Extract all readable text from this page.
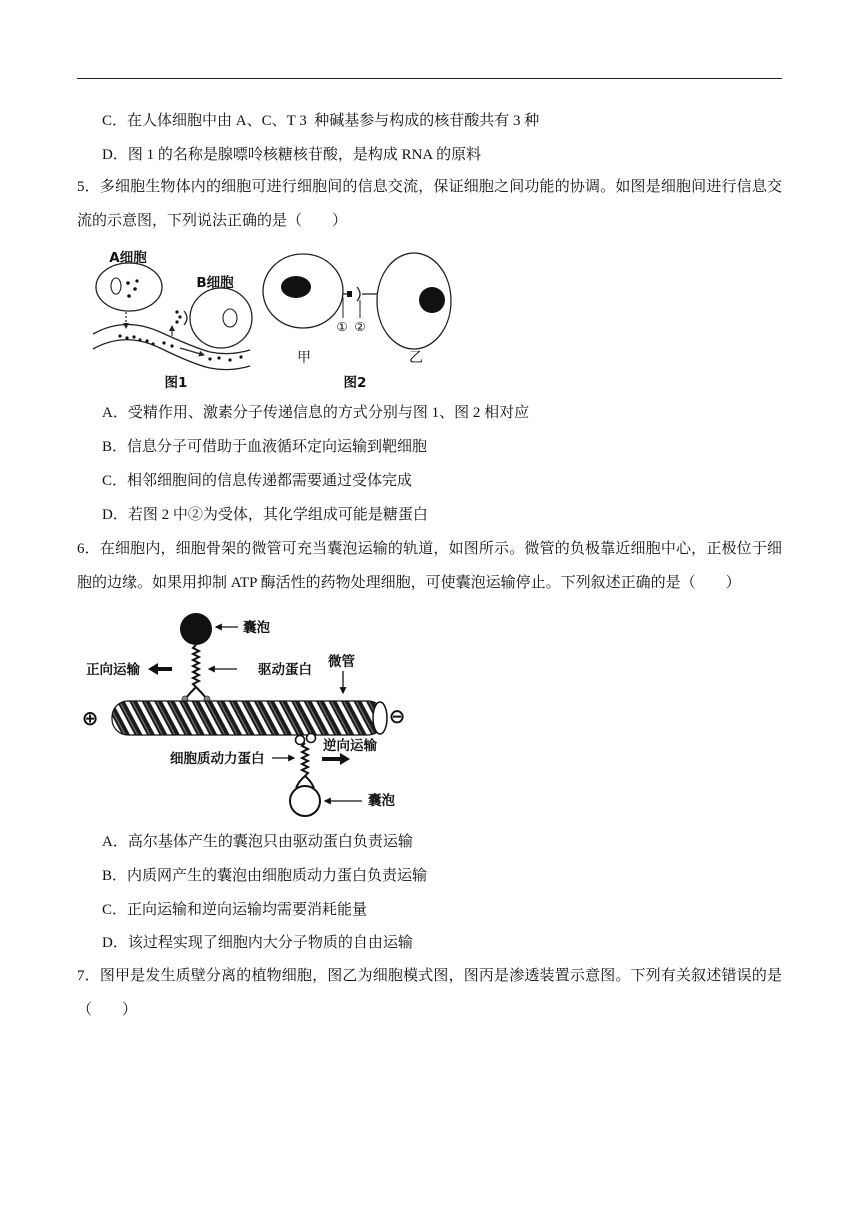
C．在人体细胞中由 A、C、T 3  种碱基参与构成的核苷酸共有 3 种
D．图 1 的名称是腺嘌呤核糖核苷酸，是构成 RNA 的原料
5．多细胞生物体内的细胞可进行细胞间的信息交流，保证细胞之间功能的协调。如图是细胞间进行信息交流的示意图，下列说法正确的是（　　）
A细胞
B细胞
图1
① ②
甲	乙
图2
A．受精作用、激素分子传递信息的方式分别与图 1、图 2 相对应
B．信息分子可借助于血液循环定向运输到靶细胞
C．相邻细胞间的信息传递都需要通过受体完成
D．若图 2 中②为受体，其化学组成可能是糖蛋白
6．在细胞内，细胞骨架的微管可充当囊泡运输的轨道，如图所示。微管的负极靠近细胞中心，正极位于细胞的边缘。如果用抑制 ATP 酶活性的药物处理细胞，可使囊泡运输停止。下列叙述正确的是（　　）
囊泡
正向运输	驱动蛋白 微管
⊕	⊖
逆向运输
细胞质动力蛋白
囊泡
A．高尔基体产生的囊泡只由驱动蛋白负责运输
B．内质网产生的囊泡由细胞质动力蛋白负责运输
C．正向运输和逆向运输均需要消耗能量
D．该过程实现了细胞内大分子物质的自由运输
7．图甲是发生质壁分离的植物细胞，图乙为细胞模式图，图丙是渗透装置示意图。下列有关叙述错误的是（　　）
